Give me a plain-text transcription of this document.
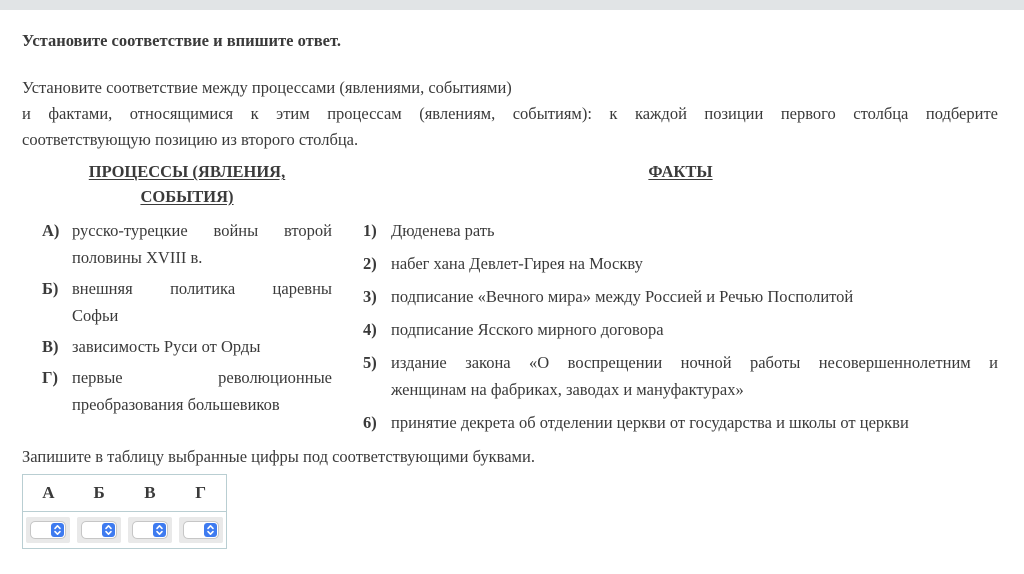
Установите соответствие и впишите ответ.
Установите соответствие между процессами (явлениями, событиями)
и фактами, относящимися к этим процессам (явлениям, событиям): к каждой позиции первого столбца подберите
соответствующую позицию из второго столбца.
ПРОЦЕССЫ (ЯВЛЕНИЯ,
СОБЫТИЯ)
А) русско-турецкие войны второй
половины XVIII в.
Б) внешняя политика царевны
Софьи
В) зависимость Руси от Орды
Г) первые революционные
преобразования большевиков
ФАКТЫ
1) Дюденева рать
2) набег хана Девлет-Гирея на Москву
3) подписание «Вечного мира» между Россией и Речью Посполитой
4) подписание Ясского мирного договора
5) издание закона «О воспрещении ночной работы несовершеннолетним и
женщинам на фабриках, заводах и мануфактурах»
6) принятие декрета об отделении церкви от государства и школы от церкви
Запишите в таблицу выбранные цифры под соответствующими буквами.
А	Б	В	Г
